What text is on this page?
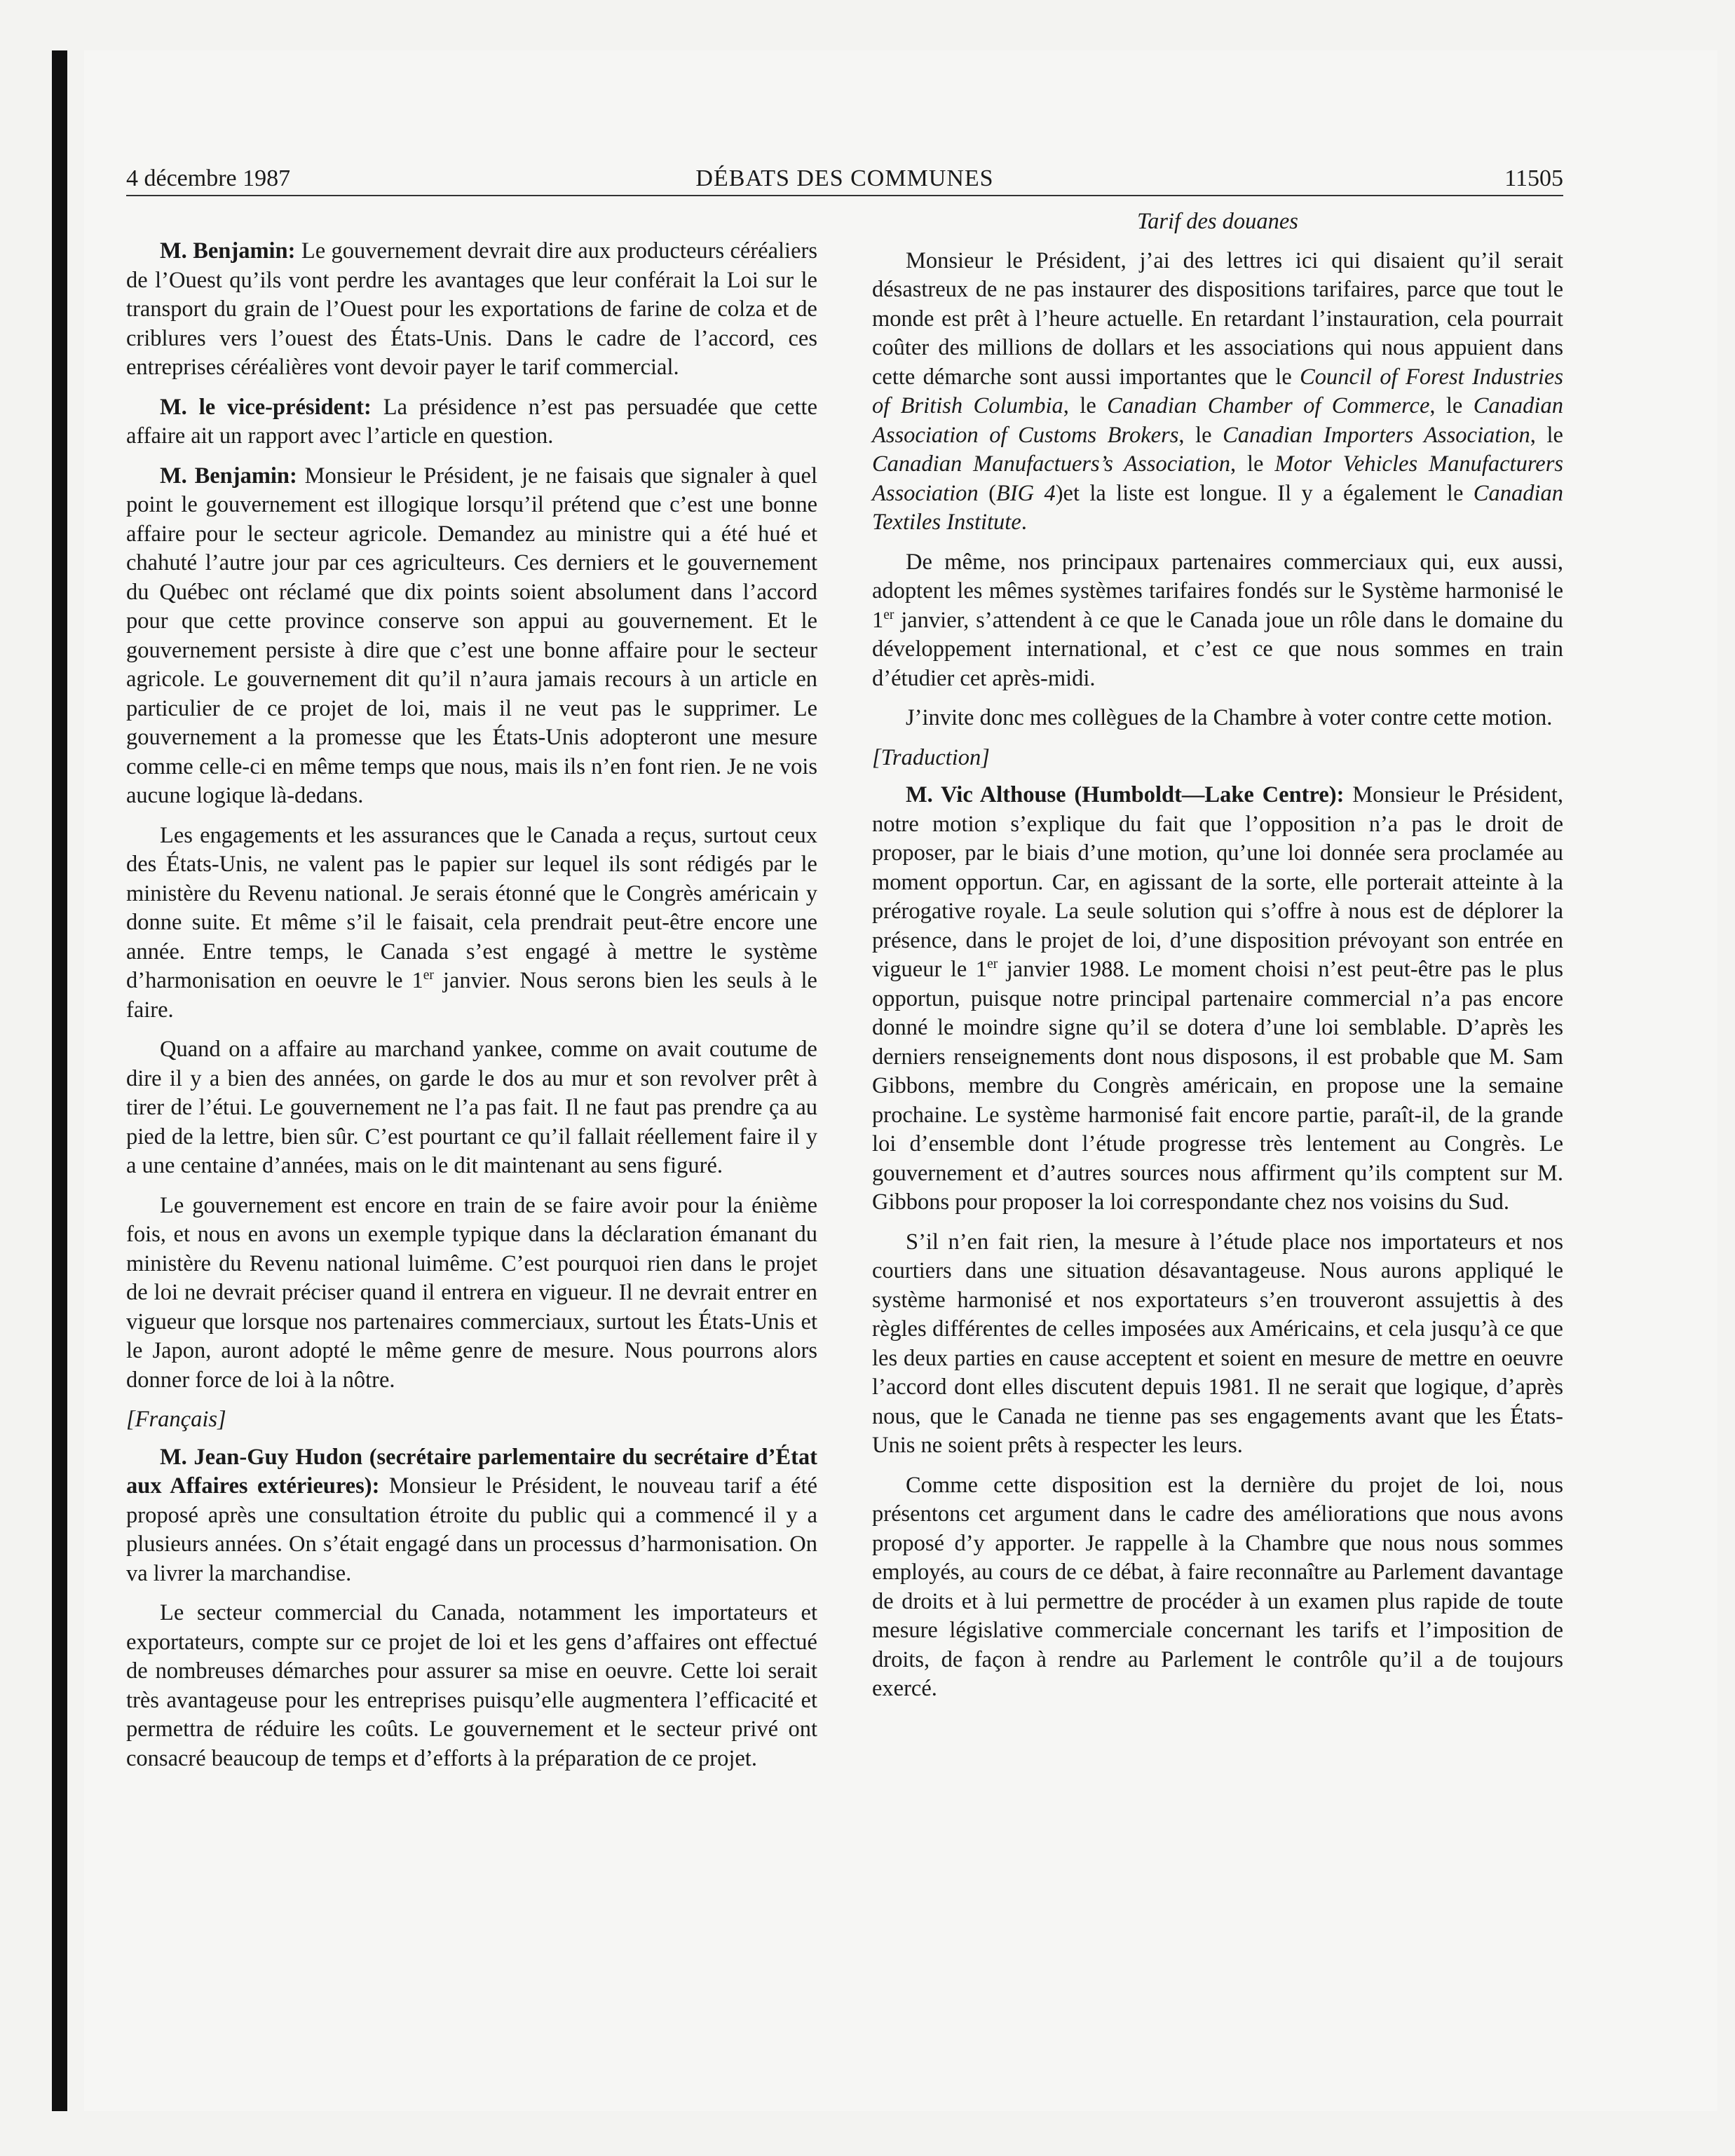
4 décembre 1987	DÉBATS DES COMMUNES	11505

M. Benjamin: Le gouvernement devrait dire aux producteurs céréaliers de l’Ouest qu’ils vont perdre les avantages que leur conférait la Loi sur le transport du grain de l’Ouest pour les exportations de farine de colza et de criblures vers l’ouest des États-Unis. Dans le cadre de l’accord, ces entreprises céréalières vont devoir payer le tarif commercial.

M. le vice-président: La présidence n’est pas persuadée que cette affaire ait un rapport avec l’article en question.

M. Benjamin: Monsieur le Président, je ne faisais que signaler à quel point le gouvernement est illogique lorsqu’il prétend que c’est une bonne affaire pour le secteur agricole. Demandez au ministre qui a été hué et chahuté l’autre jour par ces agriculteurs. Ces derniers et le gouvernement du Québec ont réclamé que dix points soient absolument dans l’accord pour que cette province conserve son appui au gouvernement. Et le gouvernement persiste à dire que c’est une bonne affaire pour le secteur agricole. Le gouvernement dit qu’il n’aura jamais recours à un article en particulier de ce projet de loi, mais il ne veut pas le supprimer. Le gouvernement a la promesse que les États-Unis adopteront une mesure comme celle-ci en même temps que nous, mais ils n’en font rien. Je ne vois aucune logique là-dedans.

Les engagements et les assurances que le Canada a reçus, surtout ceux des États-Unis, ne valent pas le papier sur lequel ils sont rédigés par le ministère du Revenu national. Je serais étonné que le Congrès américain y donne suite. Et même s’il le faisait, cela prendrait peut-être encore une année. Entre temps, le Canada s’est engagé à mettre le système d’harmonisation en oeuvre le 1er janvier. Nous serons bien les seuls à le faire.

Quand on a affaire au marchand yankee, comme on avait coutume de dire il y a bien des années, on garde le dos au mur et son revolver prêt à tirer de l’étui. Le gouvernement ne l’a pas fait. Il ne faut pas prendre ça au pied de la lettre, bien sûr. C’est pourtant ce qu’il fallait réellement faire il y a une centaine d’années, mais on le dit maintenant au sens figuré.

Le gouvernement est encore en train de se faire avoir pour la énième fois, et nous en avons un exemple typique dans la déclaration émanant du ministère du Revenu national luimême. C’est pourquoi rien dans le projet de loi ne devrait préciser quand il entrera en vigueur. Il ne devrait entrer en vigueur que lorsque nos partenaires commerciaux, surtout les États-Unis et le Japon, auront adopté le même genre de mesure. Nous pourrons alors donner force de loi à la nôtre.

[Français]

M. Jean-Guy Hudon (secrétaire parlementaire du secrétaire d’État aux Affaires extérieures): Monsieur le Président, le nouveau tarif a été proposé après une consultation étroite du public qui a commencé il y a plusieurs années. On s’était engagé dans un processus d’harmonisation. On va livrer la marchandise.

Le secteur commercial du Canada, notamment les importateurs et exportateurs, compte sur ce projet de loi et les gens d’affaires ont effectué de nombreuses démarches pour assurer sa mise en oeuvre. Cette loi serait très avantageuse pour les entreprises puisqu’elle augmentera l’efficacité et permettra de réduire les coûts. Le gouvernement et le secteur privé ont consacré beaucoup de temps et d’efforts à la préparation de ce projet.

Tarif des douanes

Monsieur le Président, j’ai des lettres ici qui disaient qu’il serait désastreux de ne pas instaurer des dispositions tarifaires, parce que tout le monde est prêt à l’heure actuelle. En retardant l’instauration, cela pourrait coûter des millions de dollars et les associations qui nous appuient dans cette démarche sont aussi importantes que le Council of Forest Industries of British Columbia, le Canadian Chamber of Commerce, le Canadian Association of Customs Brokers, le Canadian Importers Association, le Canadian Manufactuers’s Association, le Motor Vehicles Manufacturers Association (BIG 4)et la liste est longue. Il y a également le Canadian Textiles Institute.

De même, nos principaux partenaires commerciaux qui, eux aussi, adoptent les mêmes systèmes tarifaires fondés sur le Système harmonisé le 1er janvier, s’attendent à ce que le Canada joue un rôle dans le domaine du développement international, et c’est ce que nous sommes en train d’étudier cet après-midi.

J’invite donc mes collègues de la Chambre à voter contre cette motion.

[Traduction]

M. Vic Althouse (Humboldt—Lake Centre): Monsieur le Président, notre motion s’explique du fait que l’opposition n’a pas le droit de proposer, par le biais d’une motion, qu’une loi donnée sera proclamée au moment opportun. Car, en agissant de la sorte, elle porterait atteinte à la prérogative royale. La seule solution qui s’offre à nous est de déplorer la présence, dans le projet de loi, d’une disposition prévoyant son entrée en vigueur le 1er janvier 1988. Le moment choisi n’est peut-être pas le plus opportun, puisque notre principal partenaire commercial n’a pas encore donné le moindre signe qu’il se dotera d’une loi semblable. D’après les derniers renseignements dont nous disposons, il est probable que M. Sam Gibbons, membre du Congrès américain, en propose une la semaine prochaine. Le système harmonisé fait encore partie, paraît-il, de la grande loi d’ensemble dont l’étude progresse très lentement au Congrès. Le gouvernement et d’autres sources nous affirment qu’ils comptent sur M. Gibbons pour proposer la loi correspondante chez nos voisins du Sud.

S’il n’en fait rien, la mesure à l’étude place nos importateurs et nos courtiers dans une situation désavantageuse. Nous aurons appliqué le système harmonisé et nos exportateurs s’en trouveront assujettis à des règles différentes de celles imposées aux Américains, et cela jusqu’à ce que les deux parties en cause acceptent et soient en mesure de mettre en oeuvre l’accord dont elles discutent depuis 1981. Il ne serait que logique, d’après nous, que le Canada ne tienne pas ses engagements avant que les États-Unis ne soient prêts à respecter les leurs.

Comme cette disposition est la dernière du projet de loi, nous présentons cet argument dans le cadre des améliorations que nous avons proposé d’y apporter. Je rappelle à la Chambre que nous nous sommes employés, au cours de ce débat, à faire reconnaître au Parlement davantage de droits et à lui permettre de procéder à un examen plus rapide de toute mesure législative commerciale concernant les tarifs et l’imposition de droits, de façon à rendre au Parlement le contrôle qu’il a de toujours exercé.
